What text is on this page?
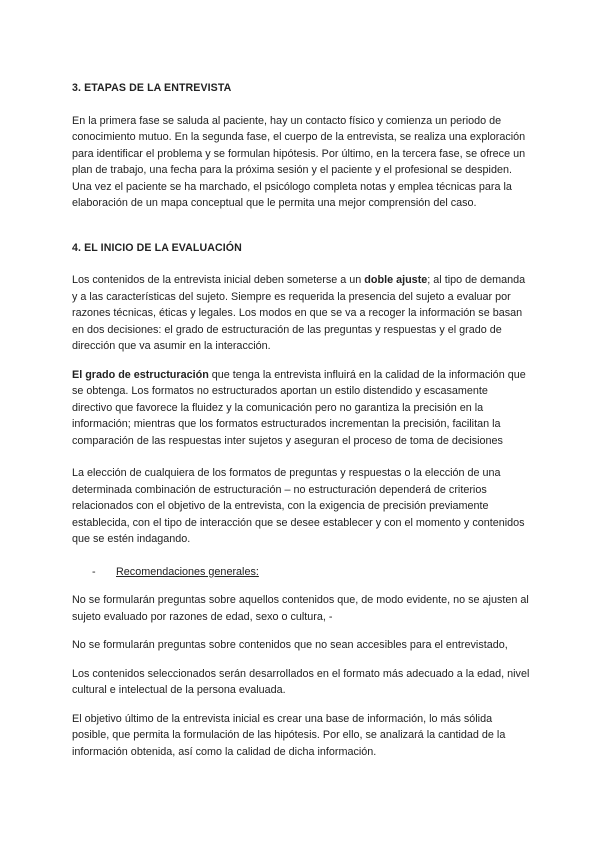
3. ETAPAS DE LA ENTREVISTA

En la primera fase se saluda al paciente, hay un contacto físico y comienza un periodo de conocimiento mutuo. En la segunda fase, el cuerpo de la entrevista, se realiza una exploración para identificar el problema y se formulan hipótesis. Por último, en la tercera fase, se ofrece un plan de trabajo, una fecha para la próxima sesión y el paciente y el profesional se despiden.

Una vez el paciente se ha marchado, el psicólogo completa notas y emplea técnicas para la elaboración de un mapa conceptual que le permita una mejor comprensión del caso.

4. EL INICIO DE LA EVALUACIÓN

Los contenidos de la entrevista inicial deben someterse a un doble ajuste; al tipo de demanda y a las características del sujeto. Siempre es requerida la presencia del sujeto a evaluar por razones técnicas, éticas y legales. Los modos en que se va a recoger la información se basan en dos decisiones: el grado de estructuración de las preguntas y respuestas y el grado de dirección que va asumir en la interacción.

El grado de estructuración que tenga la entrevista influirá en la calidad de la información que se obtenga. Los formatos no estructurados aportan un estilo distendido y escasamente directivo que favorece la fluidez y la comunicación pero no garantiza la precisión en la información; mientras que los formatos estructurados incrementan la precisión, facilitan la comparación de las respuestas inter sujetos y aseguran el proceso de toma de decisiones

La elección de cualquiera de los formatos de preguntas y respuestas o la elección de una determinada combinación de estructuración – no estructuración dependerá de criterios relacionados con el objetivo de la entrevista, con la exigencia de precisión previamente establecida, con el tipo de interacción que se desee establecer y con el momento y contenidos que se estén indagando.

-	Recomendaciones generales:

No se formularán preguntas sobre aquellos contenidos que, de modo evidente, no se ajusten al sujeto evaluado por razones de edad, sexo o cultura, -

No se formularán preguntas sobre contenidos que no sean accesibles para el entrevistado,

Los contenidos seleccionados serán desarrollados en el formato más adecuado a la edad, nivel cultural e intelectual de la persona evaluada.

El objetivo último de la entrevista inicial es crear una base de información, lo más sólida posible, que permita la formulación de las hipótesis. Por ello, se analizará la cantidad de la información obtenida, así como la calidad de dicha información.
